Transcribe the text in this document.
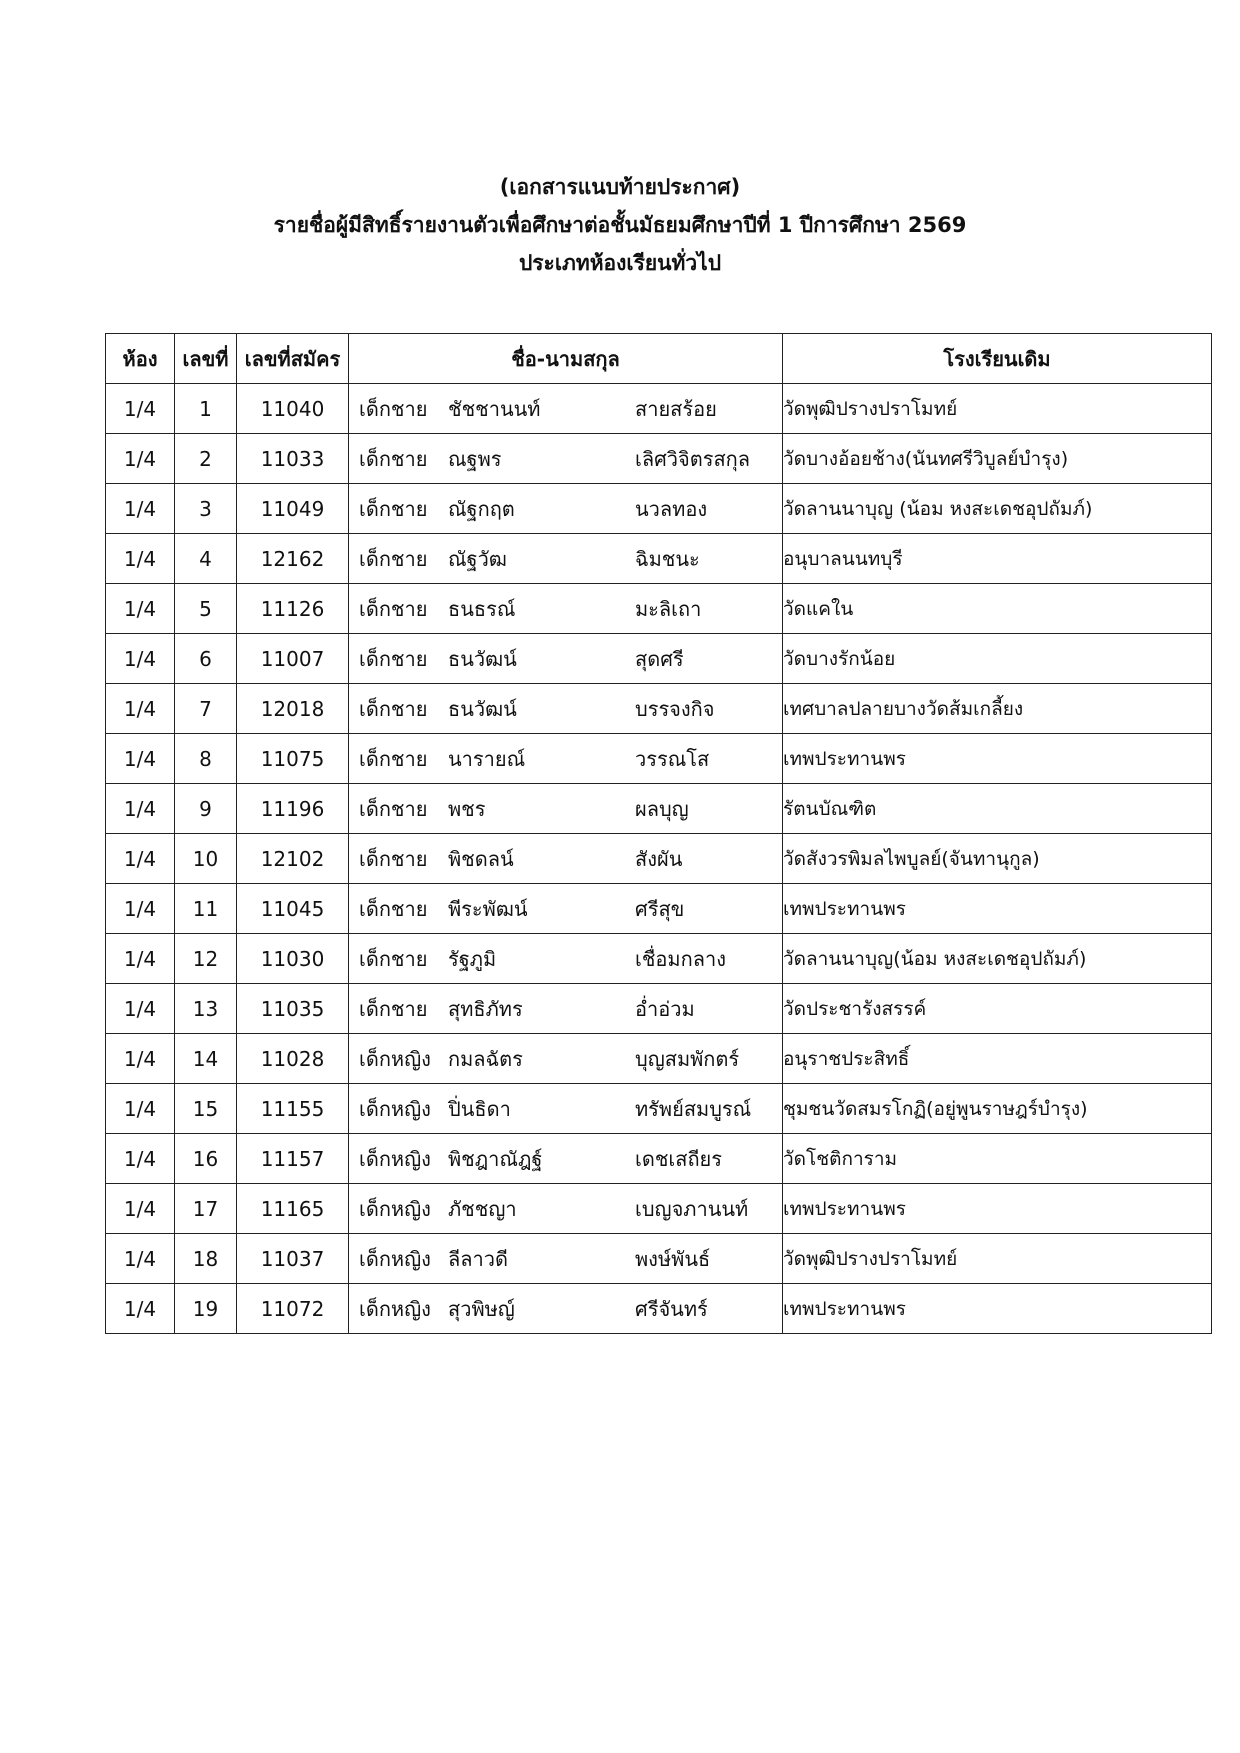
(เอกสารแนบท้ายประกาศ)
รายชื่อผู้มีสิทธิ์รายงานตัวเพื่อศึกษาต่อชั้นมัธยมศึกษาปีที่ 1 ปีการศึกษา 2569
ประเภทห้องเรียนทั่วไป
ห้อง	เลขที่	เลขที่สมัคร	ชื่อ-นามสกุล	โรงเรียนเดิม
1/4	1	11040	เด็กชาย ชัชชานนท์ สายสร้อย	วัดพุฒิปรางปราโมทย์
1/4	2	11033	เด็กชาย ณฐพร เลิศวิจิตรสกุล	วัดบางอ้อยช้าง(นันทศรีวิบูลย์บำรุง)
1/4	3	11049	เด็กชาย ณัฐกฤต นวลทอง	วัดลานนาบุญ (น้อม หงสะเดชอุปถัมภ์)
1/4	4	12162	เด็กชาย ณัฐวัฒ ฉิมชนะ	อนุบาลนนทบุรี
1/4	5	11126	เด็กชาย ธนธรณ์ มะลิเถา	วัดแคใน
1/4	6	11007	เด็กชาย ธนวัฒน์ สุดศรี	วัดบางรักน้อย
1/4	7	12018	เด็กชาย ธนวัฒน์ บรรจงกิจ	เทศบาลปลายบางวัดส้มเกลี้ยง
1/4	8	11075	เด็กชาย นารายณ์ วรรณโส	เทพประทานพร
1/4	9	11196	เด็กชาย พชร ผลบุญ	รัตนบัณฑิต
1/4	10	12102	เด็กชาย พิชดลน์ สังผัน	วัดสังวรพิมลไพบูลย์(จันทานุกูล)
1/4	11	11045	เด็กชาย พีระพัฒน์ ศรีสุข	เทพประทานพร
1/4	12	11030	เด็กชาย รัฐภูมิ เชื่อมกลาง	วัดลานนาบุญ(น้อม หงสะเดชอุปถัมภ์)
1/4	13	11035	เด็กชาย สุทธิภัทร อ่ำอ่วม	วัดประชารังสรรค์
1/4	14	11028	เด็กหญิง กมลฉัตร บุญสมพักตร์	อนุราชประสิทธิ์
1/4	15	11155	เด็กหญิง ปิ่นธิดา ทรัพย์สมบูรณ์	ชุมชนวัดสมรโกฏิ(อยู่พูนราษฎร์บำรุง)
1/4	16	11157	เด็กหญิง พิชฎาณัฎฐ์ เดชเสถียร	วัดโชติการาม
1/4	17	11165	เด็กหญิง ภัชชญา เบญจภานนท์	เทพประทานพร
1/4	18	11037	เด็กหญิง ลีลาวดี พงษ์พันธ์	วัดพุฒิปรางปราโมทย์
1/4	19	11072	เด็กหญิง สุวพิษญ์ ศรีจันทร์	เทพประทานพร
